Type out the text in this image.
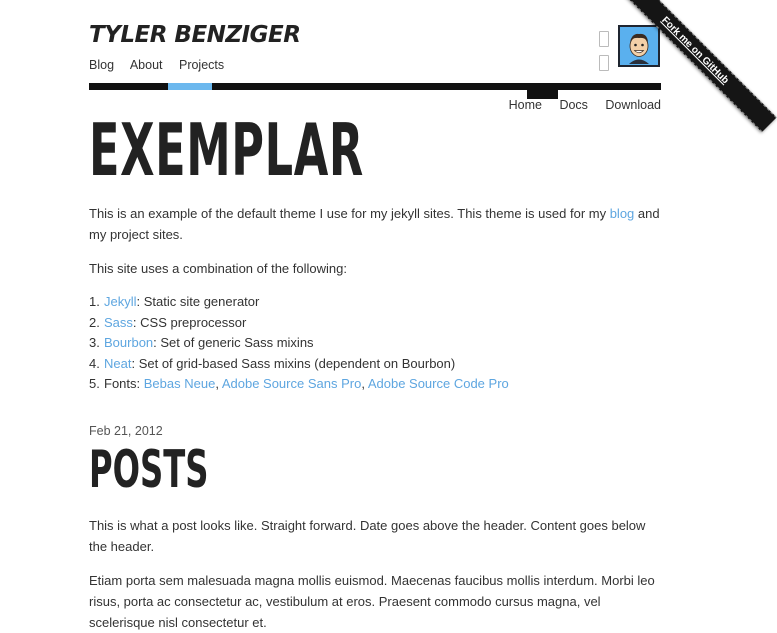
TYLER BENZIGER
Blog About Projects
Home Docs Download
EXEMPLAR

This is an example of the default theme I use for my jekyll sites. This theme is used for my blog and my project sites.

This site uses a combination of the following:

1. Jekyll: Static site generator
2. Sass: CSS preprocessor
3. Bourbon: Set of generic Sass mixins
4. Neat: Set of grid-based Sass mixins (dependent on Bourbon)
5. Fonts: Bebas Neue, Adobe Source Sans Pro, Adobe Source Code Pro
Feb 21, 2012
POSTS

This is what a post looks like. Straight forward. Date goes above the header. Content goes below the header.

Etiam porta sem malesuada magna mollis euismod. Maecenas faucibus mollis interdum. Morbi leo risus, porta ac consectetur ac, vestibulum at eros. Praesent commodo cursus magna, vel scelerisque nisl consectetur et.

Fork me on GitHub
